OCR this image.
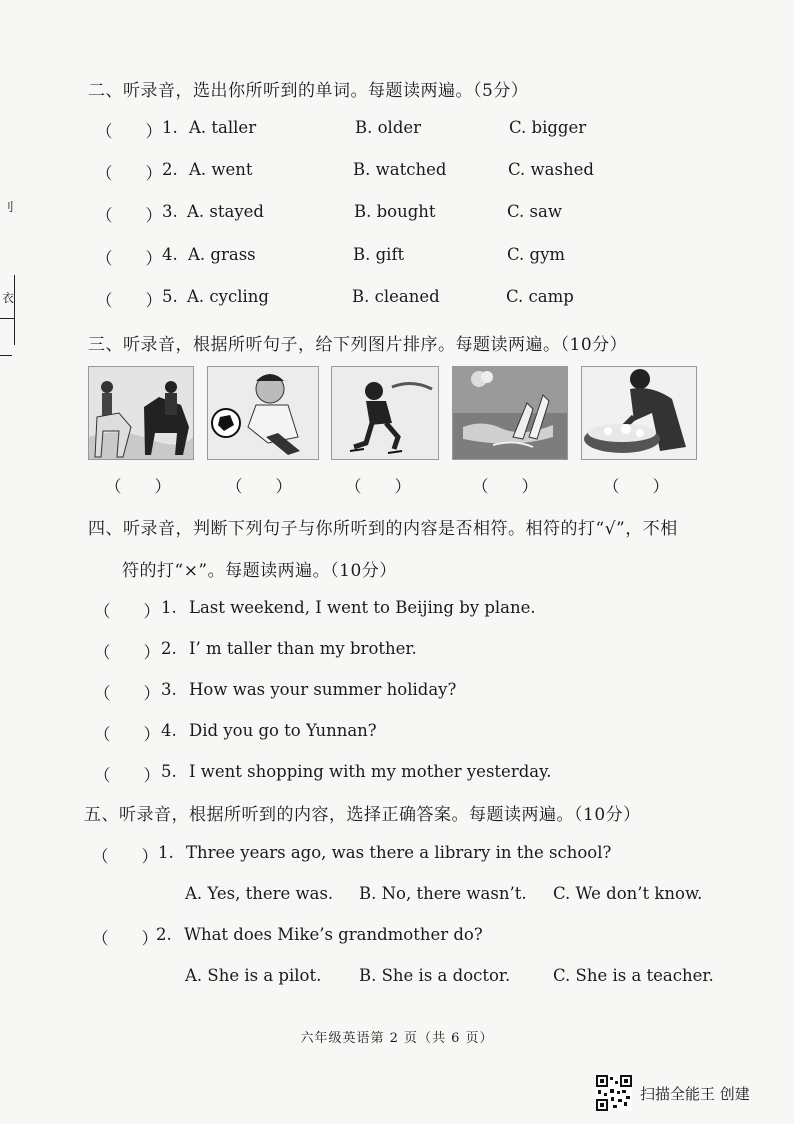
刂
衣
二、听录音，选出你所听到的单词。每题读两遍。（5分）
（　　） 1. A. taller	B. older	C. bigger
（　　） 2. A. went	B. watched	C. washed
（　　） 3. A. stayed	B. bought	C. saw
（　　） 4. A. grass	B. gift	C. gym
（　　） 5. A. cycling	B. cleaned	C. camp
三、听录音，根据所听句子，给下列图片排序。每题读两遍。（10分）
（　　）	（　　）	（　　）	（　　）	（　　）
四、听录音，判断下列句子与你所听到的内容是否相符。相符的打“√”，不相
符的打“×”。每题读两遍。（10分）
（　　） 1. Last weekend, I went to Beijing by plane.
（　　） 2. I’ m taller than my brother.
（　　） 3. How was your summer holiday?
（　　） 4. Did you go to Yunnan?
（　　） 5. I went shopping with my mother yesterday.
五、听录音，根据所听到的内容，选择正确答案。每题读两遍。（10分）
（　　） 1. Three years ago, was there a library in the school?
A. Yes, there was. B. No, there wasn’t. C. We don’t know.
（　　）
2. What does Mike’s grandmother do?
A. She is a pilot. B. She is a doctor.	C. She is a teacher.
六年级英语第 2 页（共 6 页）
扫描全能王 创建
